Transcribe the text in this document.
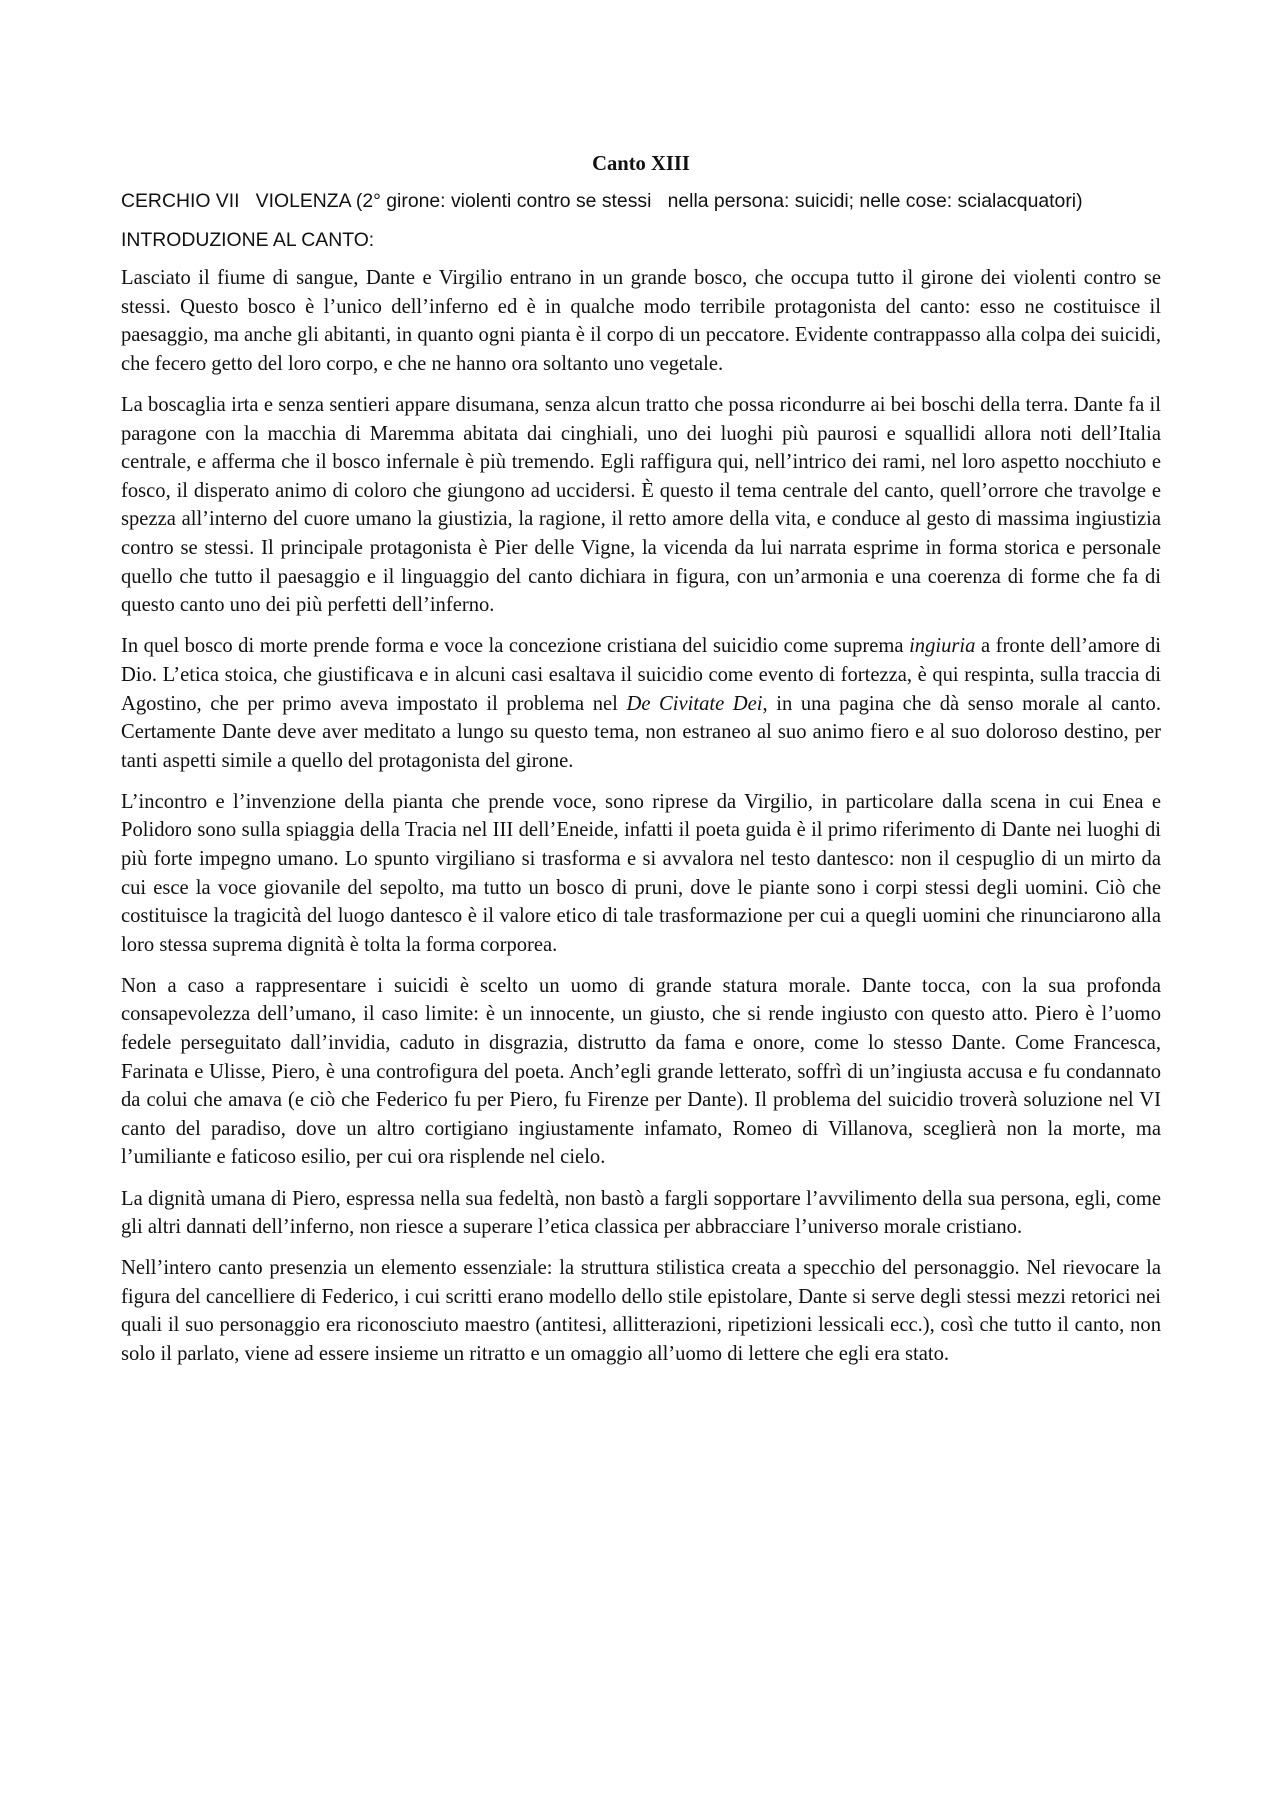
Canto XIII
CERCHIO VII   VIOLENZA (2° girone: violenti contro se stessi   nella persona: suicidi; nelle cose: scialacquatori)
INTRODUZIONE AL CANTO:

Lasciato il fiume di sangue, Dante e Virgilio entrano in un grande bosco, che occupa tutto il girone dei violenti contro se stessi. Questo bosco è l’unico dell’inferno ed è in qualche modo terribile protagonista del canto: esso ne costituisce il paesaggio, ma anche gli abitanti, in quanto ogni pianta è il corpo di un peccatore. Evidente contrappasso alla colpa dei suicidi, che fecero getto del loro corpo, e che ne hanno ora soltanto uno vegetale.

La boscaglia irta e senza sentieri appare disumana, senza alcun tratto che possa ricondurre ai bei boschi della terra. Dante fa il paragone con la macchia di Maremma abitata dai cinghiali, uno dei luoghi più paurosi e squallidi allora noti dell’Italia centrale, e afferma che il bosco infernale è più tremendo. Egli raffigura qui, nell’intrico dei rami, nel loro aspetto nocchiuto e fosco, il disperato animo di coloro che giungono ad uccidersi. È questo il tema centrale del canto, quell’orrore che travolge e spezza all’interno del cuore umano la giustizia, la ragione, il retto amore della vita, e conduce al gesto di massima ingiustizia contro se stessi. Il principale protagonista è Pier delle Vigne, la vicenda da lui narrata esprime in forma storica e personale quello che tutto il paesaggio e il linguaggio del canto dichiara in figura, con un’armonia e una coerenza di forme che fa di questo canto uno dei più perfetti dell’inferno.

In quel bosco di morte prende forma e voce la concezione cristiana del suicidio come suprema ingiuria a fronte dell’amore di Dio. L’etica stoica, che giustificava e in alcuni casi esaltava il suicidio come evento di fortezza, è qui respinta, sulla traccia di Agostino, che per primo aveva impostato il problema nel De Civitate Dei, in una pagina che dà senso morale al canto. Certamente Dante deve aver meditato a lungo su questo tema, non estraneo al suo animo fiero e al suo doloroso destino, per tanti aspetti simile a quello del protagonista del girone.

L’incontro e l’invenzione della pianta che prende voce, sono riprese da Virgilio, in particolare dalla scena in cui Enea e Polidoro sono sulla spiaggia della Tracia nel III dell’Eneide, infatti il poeta guida è il primo riferimento di Dante nei luoghi di più forte impegno umano. Lo spunto virgiliano si trasforma e si avvalora nel testo dantesco: non il cespuglio di un mirto da cui esce la voce giovanile del sepolto, ma tutto un bosco di pruni, dove le piante sono i corpi stessi degli uomini. Ciò che costituisce la tragicità del luogo dantesco è il valore etico di tale trasformazione per cui a quegli uomini che rinunciarono alla loro stessa suprema dignità è tolta la forma corporea.

Non a caso a rappresentare i suicidi è scelto un uomo di grande statura morale. Dante tocca, con la sua profonda consapevolezza dell’umano, il caso limite: è un innocente, un giusto, che si rende ingiusto con questo atto. Piero è l’uomo fedele perseguitato dall’invidia, caduto in disgrazia, distrutto da fama e onore, come lo stesso Dante. Come Francesca, Farinata e Ulisse, Piero, è una controfigura del poeta. Anch’egli grande letterato, soffrì di un’ingiusta accusa e fu condannato da colui che amava (e ciò che Federico fu per Piero, fu Firenze per Dante). Il problema del suicidio troverà soluzione nel VI canto del paradiso, dove un altro cortigiano ingiustamente infamato, Romeo di Villanova, sceglierà non la morte, ma l’umiliante e faticoso esilio, per cui ora risplende nel cielo.

La dignità umana di Piero, espressa nella sua fedeltà, non bastò a fargli sopportare l’avvilimento della sua persona, egli, come gli altri dannati dell’inferno, non riesce a superare l’etica classica per abbracciare l’universo morale cristiano.

Nell’intero canto presenzia un elemento essenziale: la struttura stilistica creata a specchio del personaggio. Nel rievocare la figura del cancelliere di Federico, i cui scritti erano modello dello stile epistolare, Dante si serve degli stessi mezzi retorici nei quali il suo personaggio era riconosciuto maestro (antitesi, allitterazioni, ripetizioni lessicali ecc.), così che tutto il canto, non solo il parlato, viene ad essere insieme un ritratto e un omaggio all’uomo di lettere che egli era stato.
